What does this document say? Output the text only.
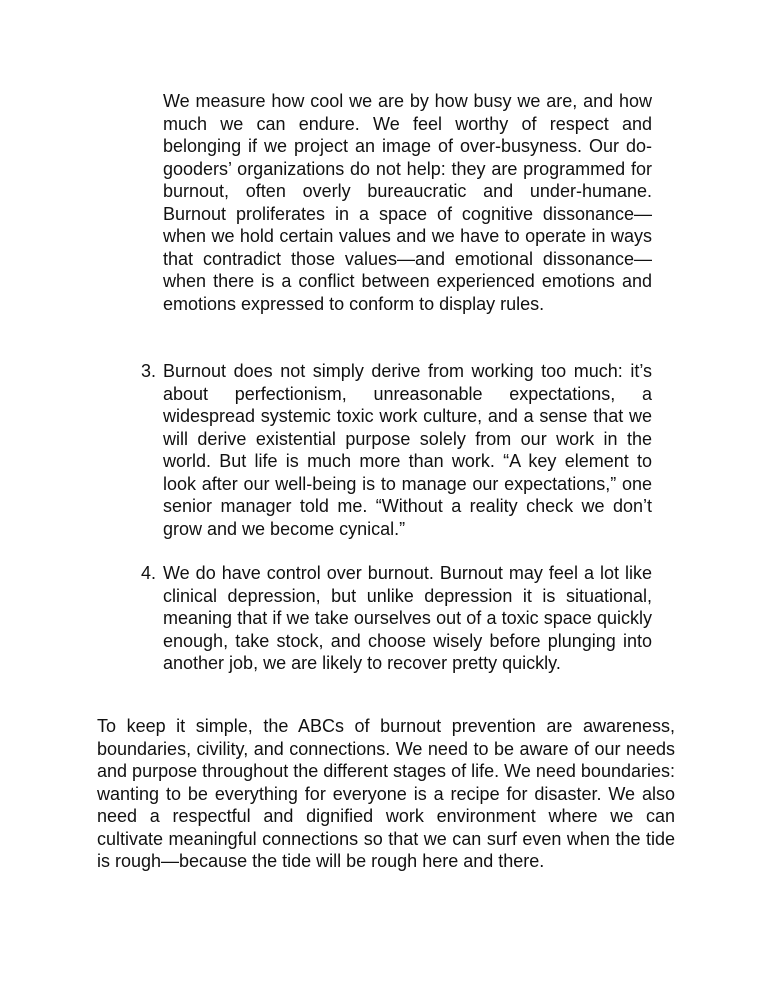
We measure how cool we are by how busy we are, and how much we can endure. We feel worthy of respect and belonging if we project an image of over-busyness. Our do-gooders’ organizations do not help: they are programmed for burnout, often overly bureaucratic and under-humane. Burnout proliferates in a space of cognitive dissonance—when we hold certain values and we have to operate in ways that contradict those values—and emotional dissonance—when there is a conflict between experienced emotions and emotions expressed to conform to display rules.

3. Burnout does not simply derive from working too much: it’s about perfectionism, unreasonable expectations, a widespread systemic toxic work culture, and a sense that we will derive existential purpose solely from our work in the world. But life is much more than work. “A key element to look after our well-being is to manage our expectations,” one senior manager told me. “Without a reality check we don’t grow and we become cynical.”

4. We do have control over burnout. Burnout may feel a lot like clinical depression, but unlike depression it is situational, meaning that if we take ourselves out of a toxic space quickly enough, take stock, and choose wisely before plunging into another job, we are likely to recover pretty quickly.

To keep it simple, the ABCs of burnout prevention are awareness, boundaries, civility, and connections. We need to be aware of our needs and purpose throughout the different stages of life. We need boundaries: wanting to be everything for everyone is a recipe for disaster. We also need a respectful and dignified work environment where we can cultivate meaningful connections so that we can surf even when the tide is rough—because the tide will be rough here and there.
